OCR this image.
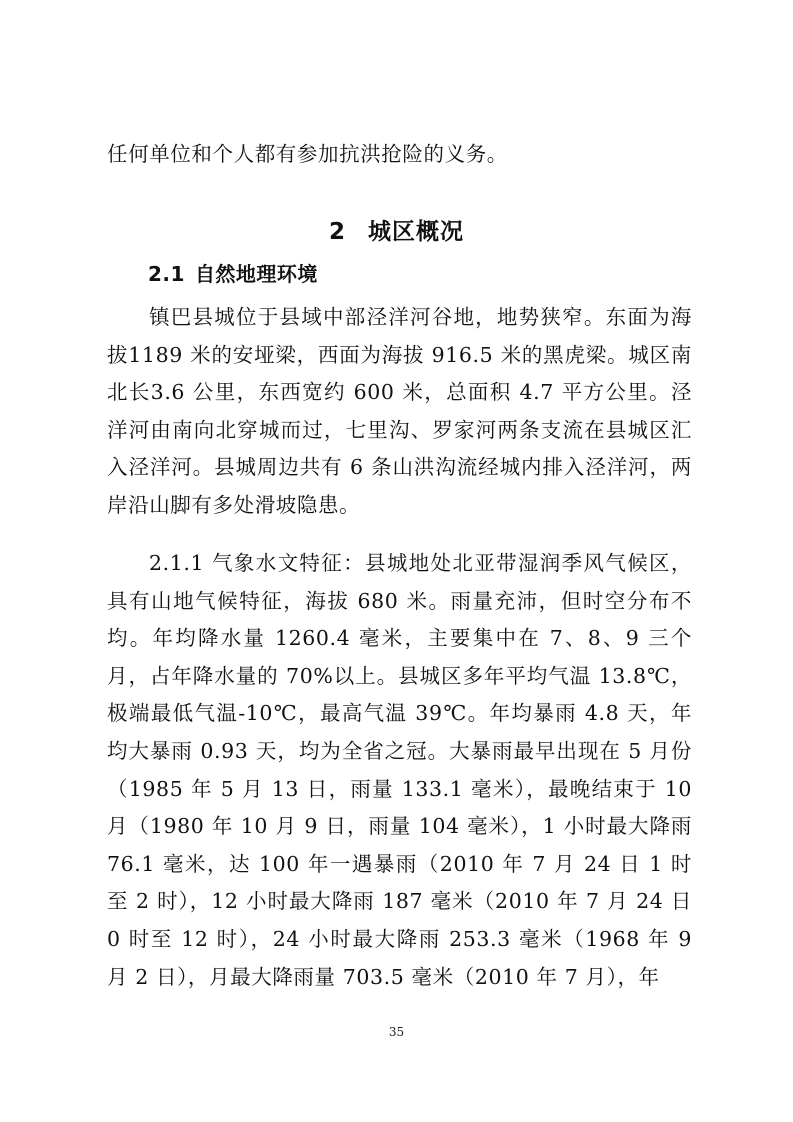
任何单位和个人都有参加抗洪抢险的义务。

2 城区概况
2.1 自然地理环境

镇巴县城位于县域中部泾洋河谷地，地势狭窄。东面为海拔1189 米的安垭梁，西面为海拔 916.5 米的黑虎梁。城区南北长3.6 公里，东西宽约 600 米，总面积 4.7 平方公里。泾洋河由南向北穿城而过，七里沟、罗家河两条支流在县城区汇入泾洋河。县城周边共有 6 条山洪沟流经城内排入泾洋河，两岸沿山脚有多处滑坡隐患。

2.1.1 气象水文特征：县城地处北亚带湿润季风气候区，具有山地气候特征，海拔 680 米。雨量充沛，但时空分布不均。年均降水量 1260.4 毫米，主要集中在 7、8、9 三个月，占年降水量的 70%以上。县城区多年平均气温 13.8℃，极端最低气温-10℃，最高气温 39℃。年均暴雨 4.8 天，年均大暴雨 0.93 天，均为全省之冠。大暴雨最早出现在 5 月份（1985 年 5 月 13 日，雨量 133.1 毫米），最晚结束于 10 月（1980 年 10 月 9 日，雨量 104 毫米），1 小时最大降雨 76.1 毫米，达 100 年一遇暴雨（2010 年 7 月 24 日 1 时至 2 时），12 小时最大降雨 187 毫米（2010 年 7 月 24 日 0 时至 12 时），24 小时最大降雨 253.3 毫米（1968 年 9 月 2 日），月最大降雨量 703.5 毫米（2010 年 7 月），年

35
